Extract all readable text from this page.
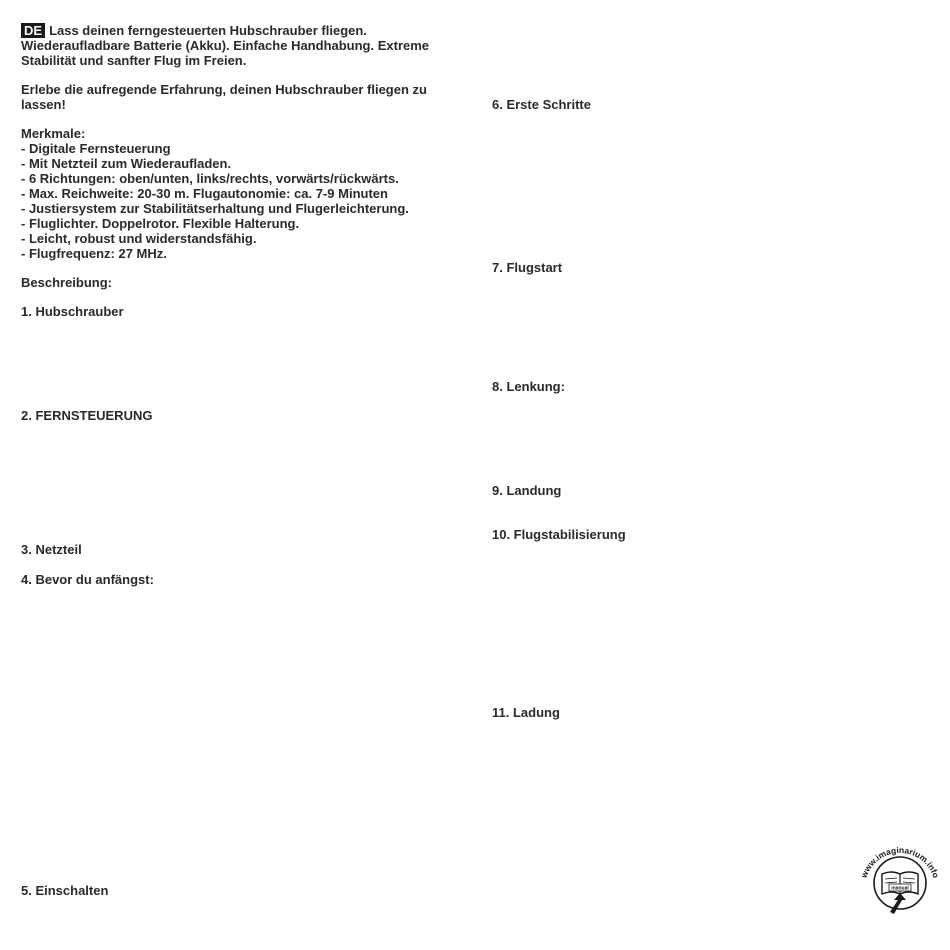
DE Lass deinen ferngesteuerten Hubschrauber fliegen.
Wiederaufladbare Batterie (Akku). Einfache Handhabung. Extreme
Stabilität und sanfter Flug im Freien.
Erlebe die aufregende Erfahrung, deinen Hubschrauber fliegen zu
lassen!
Merkmale:
- Digitale Fernsteuerung
- Mit Netzteil zum Wiederaufladen.
- 6 Richtungen: oben/unten, links/rechts, vorwärts/rückwärts.
- Max. Reichweite: 20-30 m. Flugautonomie: ca. 7-9 Minuten
- Justiersystem zur Stabilitätserhaltung und Flugerleichterung.
- Fluglichter. Doppelrotor. Flexible Halterung.
- Leicht, robust und widerstandsfähig.
- Flugfrequenz: 27 MHz.
Beschreibung:
1. Hubschrauber
2. FERNSTEUERUNG
3. Netzteil
4. Bevor du anfängst:
5. Einschalten
6. Erste Schritte
7. Flugstart
8. Lenkung:
9. Landung
10. Flugstabilisierung
11. Ladung
www.imaginarium.info
manual
